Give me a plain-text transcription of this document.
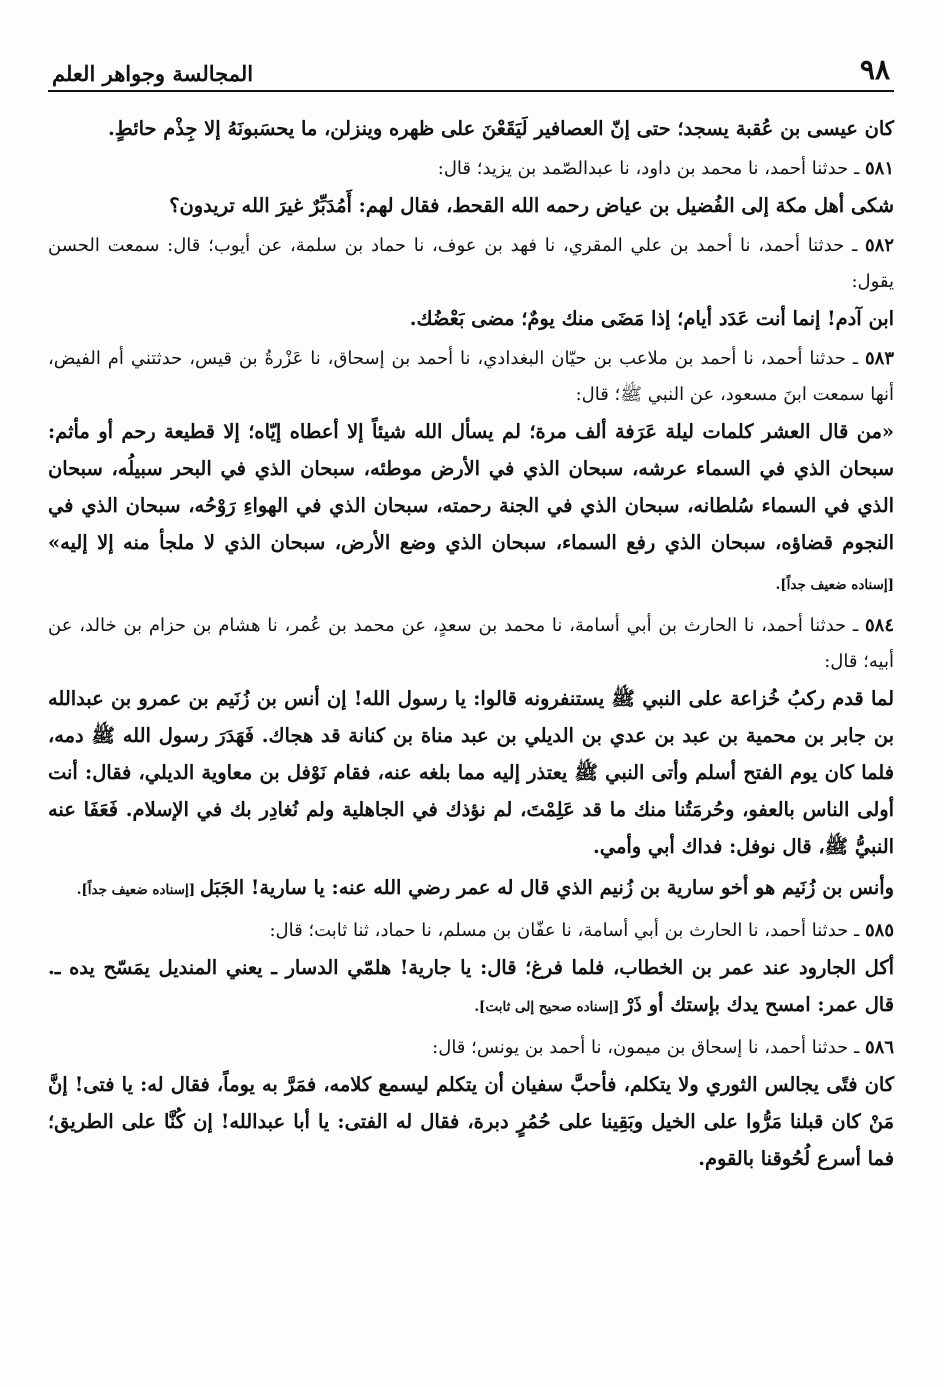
٩٨
المجالسة وجواهر العلم

كان عيسى بن عُقبة يسجد؛ حتى إنّ العصافير لَيَقَعْنَ على ظهره وينزلن، ما يحسَبونَهُ إلا جِذْم حائطٍ.

٥٨١ ـ حدثنا أحمد، نا محمد بن داود، نا عبدالصّمد بن يزيد؛ قال:

شكى أهل مكة إلى الفُضيل بن عياض رحمه الله القحط، فقال لهم: أَمُدَبِّرٌ غيرَ الله تريدون؟

٥٨٢ ـ حدثنا أحمد، نا أحمد بن علي المقري، نا فهد بن عوف، نا حماد بن سلمة، عن أيوب؛ قال: سمعت الحسن يقول:

ابن آدم! إنما أنت عَدَد أيام؛ إذا مَضَى منك يومٌ؛ مضى بَعْضُك.

٥٨٣ ـ حدثنا أحمد، نا أحمد بن ملاعب بن حيّان البغدادي، نا أحمد بن إسحاق، نا عَزْرةُ بن قيس، حدثتني أم الفيض، أنها سمعت ابنَ مسعود، عن النبي ﷺ؛ قال:

«من قال العشر كلمات ليلة عَرَفة ألف مرة؛ لم يسأل الله شيئاً إلا أعطاه إيّاه؛ إلا قطيعة رحم أو مأثم: سبحان الذي في السماء عرشه، سبحان الذي في الأرض موطئه، سبحان الذي في البحر سبيلُه، سبحان الذي في السماء سُلطانه، سبحان الذي في الجنة رحمته، سبحان الذي في الهواءِ رَوْحُه، سبحان الذي في النجوم قضاؤه، سبحان الذي رفع السماء، سبحان الذي وضع الأرض، سبحان الذي لا ملجأ منه إلا إليه» [إسناده ضعيف جداً].

٥٨٤ ـ حدثنا أحمد، نا الحارث بن أبي أسامة، نا محمد بن سعدٍ، عن محمد بن عُمر، نا هشام بن حزام بن خالد، عن أبيه؛ قال:

لما قدم ركبُ خُزاعة على النبي ﷺ يستنفرونه قالوا: يا رسول الله! إن أنس بن زُنَيم بن عمرو بن عبدالله بن جابر بن محمية بن عبد بن عدي بن الديلي بن عبد مناة بن كنانة قد هجاك. فَهَدَرَ رسول الله ﷺ دمه، فلما كان يوم الفتح أسلم وأتى النبي ﷺ يعتذر إليه مما بلغه عنه، فقام نَوْفل بن معاوية الديلي، فقال: أنت أولى الناس بالعفو، وحُرمَتُنا منك ما قد عَلِمْتَ، لم نؤذك في الجاهلية ولم نُغادِر بك في الإسلام. فَعَفَا عنه النبيُّ ﷺ، قال نوفل: فداك أبي وأمي.

وأنس بن زُنَيم هو أخو سارية بن زُنيم الذي قال له عمر رضي الله عنه: يا سارية! الجَبَل [إسناده ضعيف جداً].

٥٨٥ ـ حدثنا أحمد، نا الحارث بن أبي أسامة، نا عفّان بن مسلم، نا حماد، ثنا ثابت؛ قال:

أكل الجارود عند عمر بن الخطاب، فلما فرغ؛ قال: يا جارية! هلمّي الدسار ـ يعني المنديل يمَسّح يده ـ. قال عمر: امسح يدك بإستك أو ذَرْ [إسناده صحيح إلى ثابت].

٥٨٦ ـ حدثنا أحمد، نا إسحاق بن ميمون، نا أحمد بن يونس؛ قال:

كان فتًى يجالس الثوري ولا يتكلم، فأحبَّ سفيان أن يتكلم ليسمع كلامه، فمَرَّ به يوماً، فقال له: يا فتى! إنَّ مَنْ كان قبلنا مَرُّوا على الخيل وبَقِينا على حُمُرٍ دبرة، فقال له الفتى: يا أبا عبدالله! إن كُنَّا على الطريق؛ فما أسرع لُحُوقنا بالقوم.
